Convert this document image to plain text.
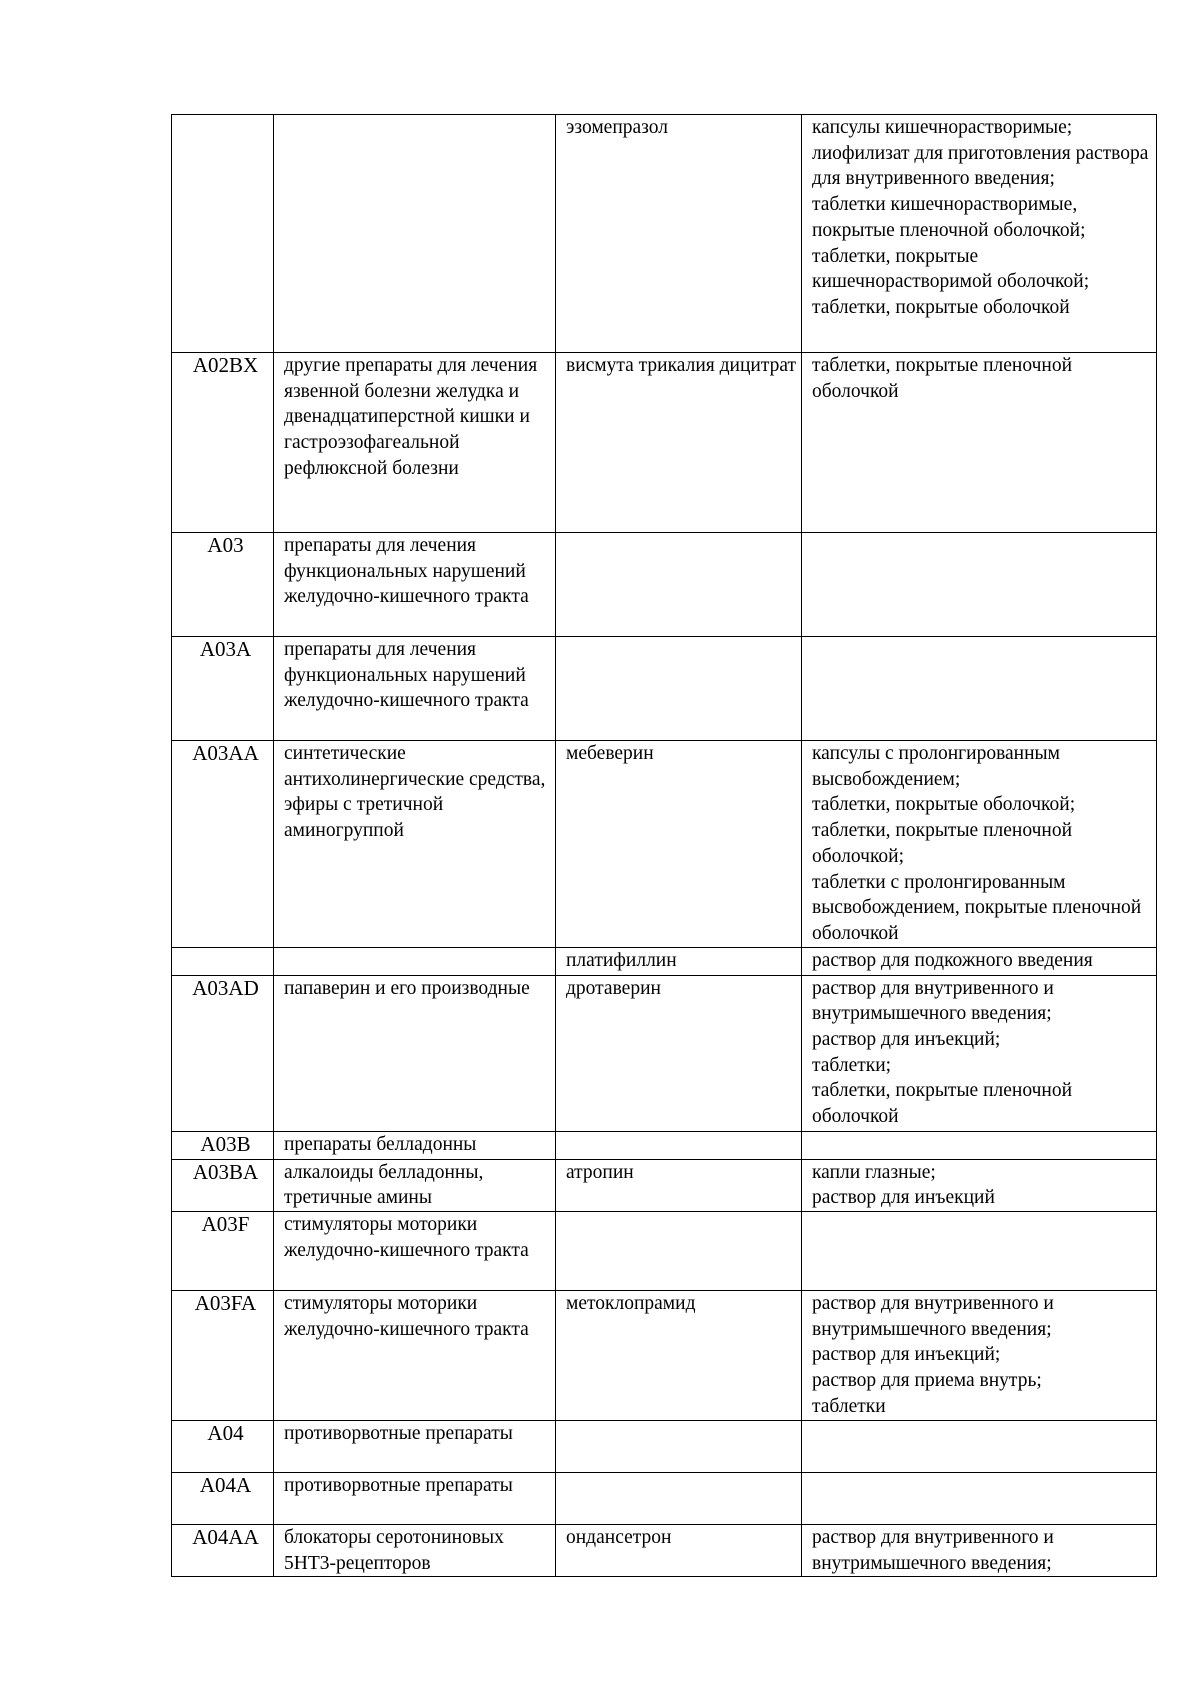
		эзомепразол	капсулы кишечнорастворимые;
лиофилизат для приготовления раствора для внутривенного введения;
таблетки кишечнорастворимые, покрытые пленочной оболочкой;
таблетки, покрытые кишечнорастворимой оболочкой;
таблетки, покрытые оболочкой

A02BX	другие препараты для лечения язвенной болезни желудка и двенадцатиперстной кишки и гастроэзофагеальной рефлюксной болезни	висмута трикалия дицитрат	таблетки, покрытые пленочной оболочкой

A03	препараты для лечения функциональных нарушений желудочно-кишечного тракта		
A03A	препараты для лечения функциональных нарушений желудочно-кишечного тракта		
A03AA	синтетические антихолинергические средства, эфиры с третичной аминогруппой	мебеверин	капсулы с пролонгированным высвобождением;
таблетки, покрытые оболочкой;
таблетки, покрытые пленочной оболочкой;
таблетки с пролонгированным высвобождением, покрытые пленочной оболочкой

		платифиллин	раствор для подкожного введения

A03AD	папаверин и его производные	дротаверин	раствор для внутривенного и внутримышечного введения;
раствор для инъекций;
таблетки;
таблетки, покрытые пленочной оболочкой

A03B	препараты белладонны		
A03BA	алкалоиды белладонны, третичные амины	атропин	капли глазные;
раствор для инъекций

A03F	стимуляторы моторики желудочно-кишечного тракта		
A03FA	стимуляторы моторики желудочно-кишечного тракта	метоклопрамид	раствор для внутривенного и внутримышечного введения;
раствор для инъекций;
раствор для приема внутрь;
таблетки

A04	противорвотные препараты		
A04A	противорвотные препараты		
A04AA	блокаторы серотониновых 5HT3-рецепторов	ондансетрон	раствор для внутривенного и внутримышечного введения;
